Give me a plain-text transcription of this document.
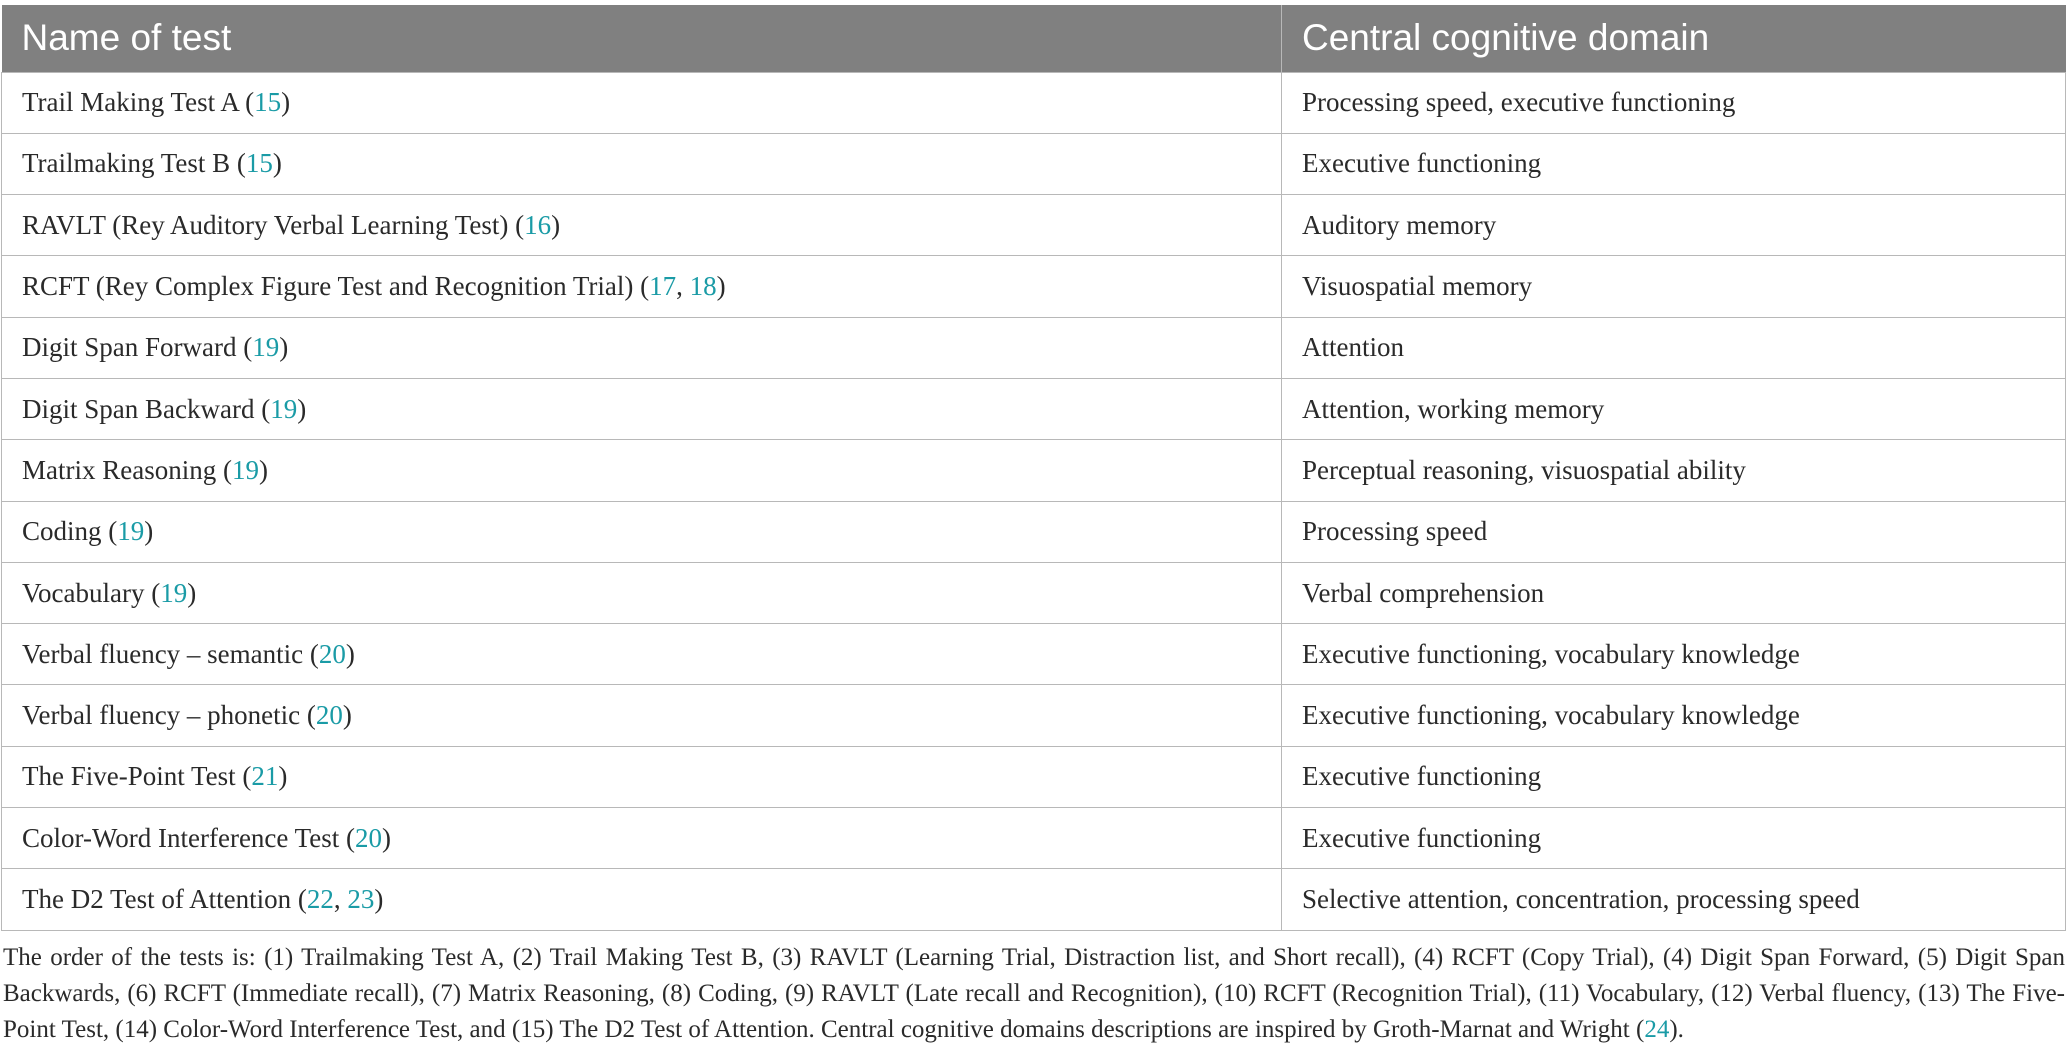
Name of test	Central cognitive domain
Trail Making Test A (15)	Processing speed, executive functioning
Trailmaking Test B (15)	Executive functioning
RAVLT (Rey Auditory Verbal Learning Test) (16)	Auditory memory
RCFT (Rey Complex Figure Test and Recognition Trial) (17, 18)	Visuospatial memory
Digit Span Forward (19)	Attention
Digit Span Backward (19)	Attention, working memory
Matrix Reasoning (19)	Perceptual reasoning, visuospatial ability
Coding (19)	Processing speed
Vocabulary (19)	Verbal comprehension
Verbal fluency – semantic (20)	Executive functioning, vocabulary knowledge
Verbal fluency – phonetic (20)	Executive functioning, vocabulary knowledge
The Five-Point Test (21)	Executive functioning
Color-Word Interference Test (20)	Executive functioning
The D2 Test of Attention (22, 23)	Selective attention, concentration, processing speed

The order of the tests is: (1) Trailmaking Test A, (2) Trail Making Test B, (3) RAVLT (Learning Trial, Distraction list, and Short recall), (4) RCFT (Copy Trial), (4) Digit Span Forward, (5) Digit Span Backwards, (6) RCFT (Immediate recall), (7) Matrix Reasoning, (8) Coding, (9) RAVLT (Late recall and Recognition), (10) RCFT (Recognition Trial), (11) Vocabulary, (12) Verbal fluency, (13) The Five-Point Test, (14) Color-Word Interference Test, and (15) The D2 Test of Attention. Central cognitive domains descriptions are inspired by Groth-Marnat and Wright (24).
